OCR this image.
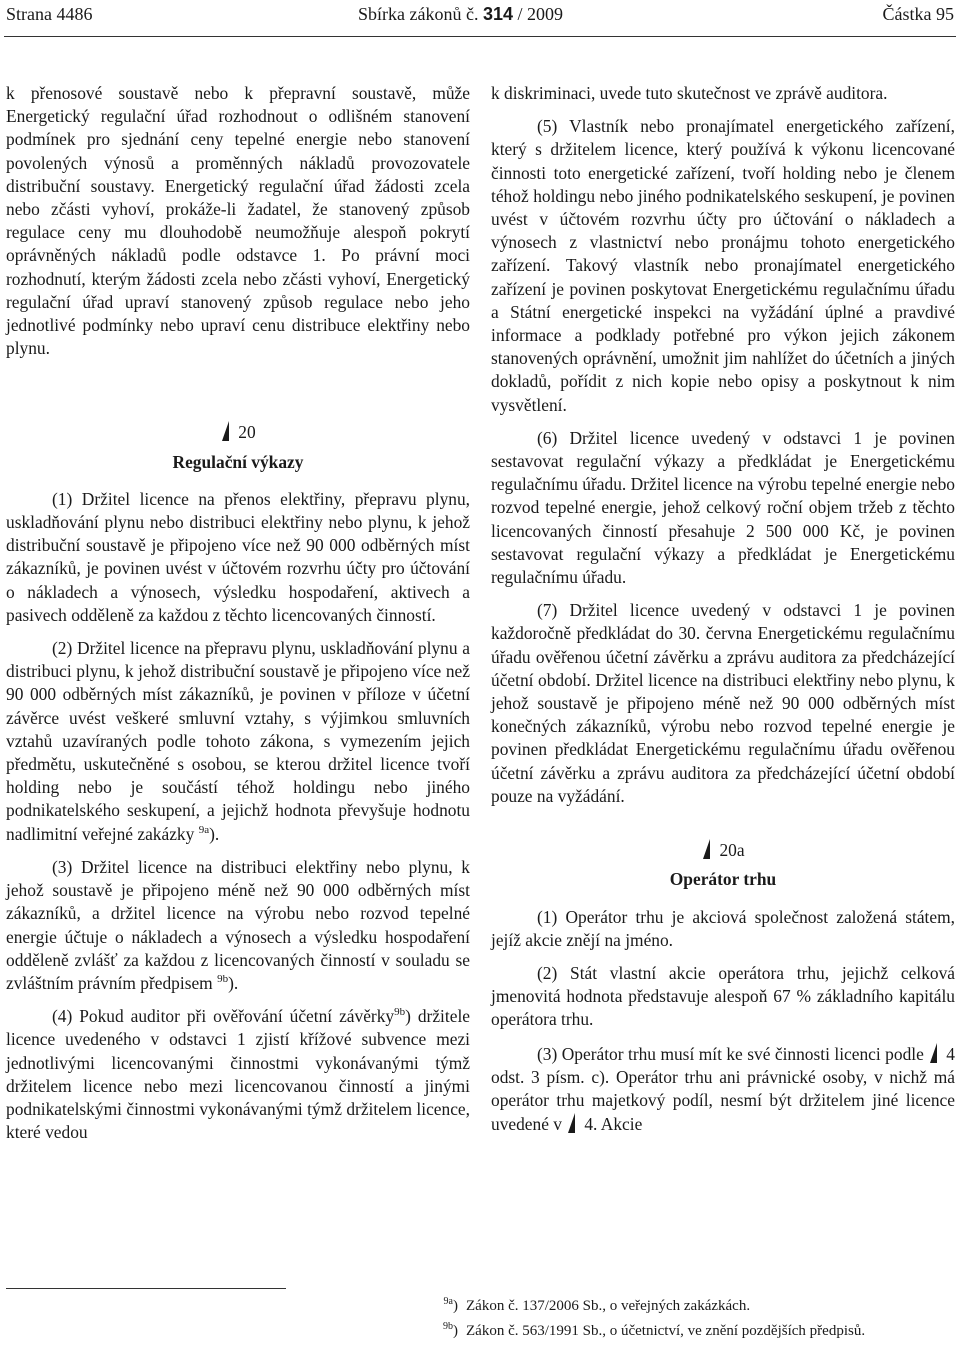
Strana 4486	Sbírka zákonů č. 314 / 2009	Částka 95

k přenosové soustavě nebo k přepravní soustavě, může Energetický regulační úřad rozhodnout o odlišném stanovení podmínek pro sjednání ceny tepelné energie nebo stanovení povolených výnosů a proměnných nákladů provozovatele distribuční soustavy. Energetický regulační úřad žádosti zcela nebo zčásti vyhoví, prokáže-li žadatel, že stanovený způsob regulace ceny mu dlouhodobě neumožňuje alespoň pokrytí oprávněných nákladů podle odstavce 1. Po právní moci rozhodnutí, kterým žádosti zcela nebo zčásti vyhoví, Energetický regulační úřad upraví stanovený způsob regulace nebo jeho jednotlivé podmínky nebo upraví cenu distribuce elektřiny nebo plynu.

20
Regulační výkazy

(1) Držitel licence na přenos elektřiny, přepravu plynu, uskladňování plynu nebo distribuci elektřiny nebo plynu, k jehož distribuční soustavě je připojeno více než 90 000 odběrných míst zákazníků, je povinen uvést v účtovém rozvrhu účty pro účtování o nákladech a výnosech, výsledku hospodaření, aktivech a pasivech odděleně za každou z těchto licencovaných činností.

(2) Držitel licence na přepravu plynu, uskladňování plynu a distribuci plynu, k jehož distribuční soustavě je připojeno více než 90 000 odběrných míst zákazníků, je povinen v příloze v účetní závěrce uvést veškeré smluvní vztahy, s výjimkou smluvních vztahů uzavíraných podle tohoto zákona, s vymezením jejich předmětu, uskutečněné s osobou, se kterou držitel licence tvoří holding nebo je součástí téhož holdingu nebo jiného podnikatelského seskupení, a jejichž hodnota převyšuje hodnotu nadlimitní veřejné zakázky $^{9a}$).

(3) Držitel licence na distribuci elektřiny nebo plynu, k jehož soustavě je připojeno méně než 90 000 odběrných míst zákazníků, a držitel licence na výrobu nebo rozvod tepelné energie účtuje o nákladech a výnosech a výsledku hospodaření odděleně zvlášť za každou z licencovaných činností v souladu se zvláštním právním předpisem $^{9b}$).

(4) Pokud auditor při ověřování účetní závěrky$^{9b}$) držitele licence uvedeného v odstavci 1 zjistí křížové subvence mezi jednotlivými licencovanými činnostmi vykonávanými týmž držitelem licence nebo mezi licencovanou činností a jinými podnikatelskými činnostmi vykonávanými týmž držitelem licence, které vedou

k diskriminaci, uvede tuto skutečnost ve zprávě auditora.

(5) Vlastník nebo pronajímatel energetického zařízení, který s držitelem licence, který používá k výkonu licencované činnosti toto energetické zařízení, tvoří holding nebo je členem téhož holdingu nebo jiného podnikatelského seskupení, je povinen uvést v účtovém rozvrhu účty pro účtování o nákladech a výnosech z vlastnictví nebo pronájmu tohoto energetického zařízení. Takový vlastník nebo pronajímatel energetického zařízení je povinen poskytovat Energetickému regulačnímu úřadu a Státní energetické inspekci na vyžádání úplné a pravdivé informace a podklady potřebné pro výkon jejich zákonem stanovených oprávnění, umožnit jim nahlížet do účetních a jiných dokladů, pořídit z nich kopie nebo opisy a poskytnout k nim vysvětlení.

(6) Držitel licence uvedený v odstavci 1 je povinen sestavovat regulační výkazy a předkládat je Energetickému regulačnímu úřadu. Držitel licence na výrobu tepelné energie nebo rozvod tepelné energie, jehož celkový roční objem tržeb z těchto licencovaných činností přesahuje 2 500 000 Kč, je povinen sestavovat regulační výkazy a předkládat je Energetickému regulačnímu úřadu.

(7) Držitel licence uvedený v odstavci 1 je povinen každoročně předkládat do 30. června Energetickému regulačnímu úřadu ověřenou účetní závěrku a zprávu auditora za předcházející účetní období. Držitel licence na distribuci elektřiny nebo plynu, k jehož soustavě je připojeno méně než 90 000 odběrných míst konečných zákazníků, výrobu nebo rozvod tepelné energie je povinen předkládat Energetickému regulačnímu úřadu ověřenou účetní závěrku a zprávu auditora za předcházející účetní období pouze na vyžádání.

20a
Operátor trhu

(1) Operátor trhu je akciová společnost založená státem, jejíž akcie znějí na jméno.

(2) Stát vlastní akcie operátora trhu, jejichž celková jmenovitá hodnota představuje alespoň 67 % základního kapitálu operátora trhu.

(3) Operátor trhu musí mít ke své činnosti licenci podle 4 odst. 3 písm. c). Operátor trhu ani právnické osoby, v nichž má operátor trhu majetkový podíl, nesmí být držitelem jiné licence uvedené v 4. Akcie

$^{9a}$) Zákon č. 137/2006 Sb., o veřejných zakázkách.
$^{9b}$) Zákon č. 563/1991 Sb., o účetnictví, ve znění pozdějších předpisů.
